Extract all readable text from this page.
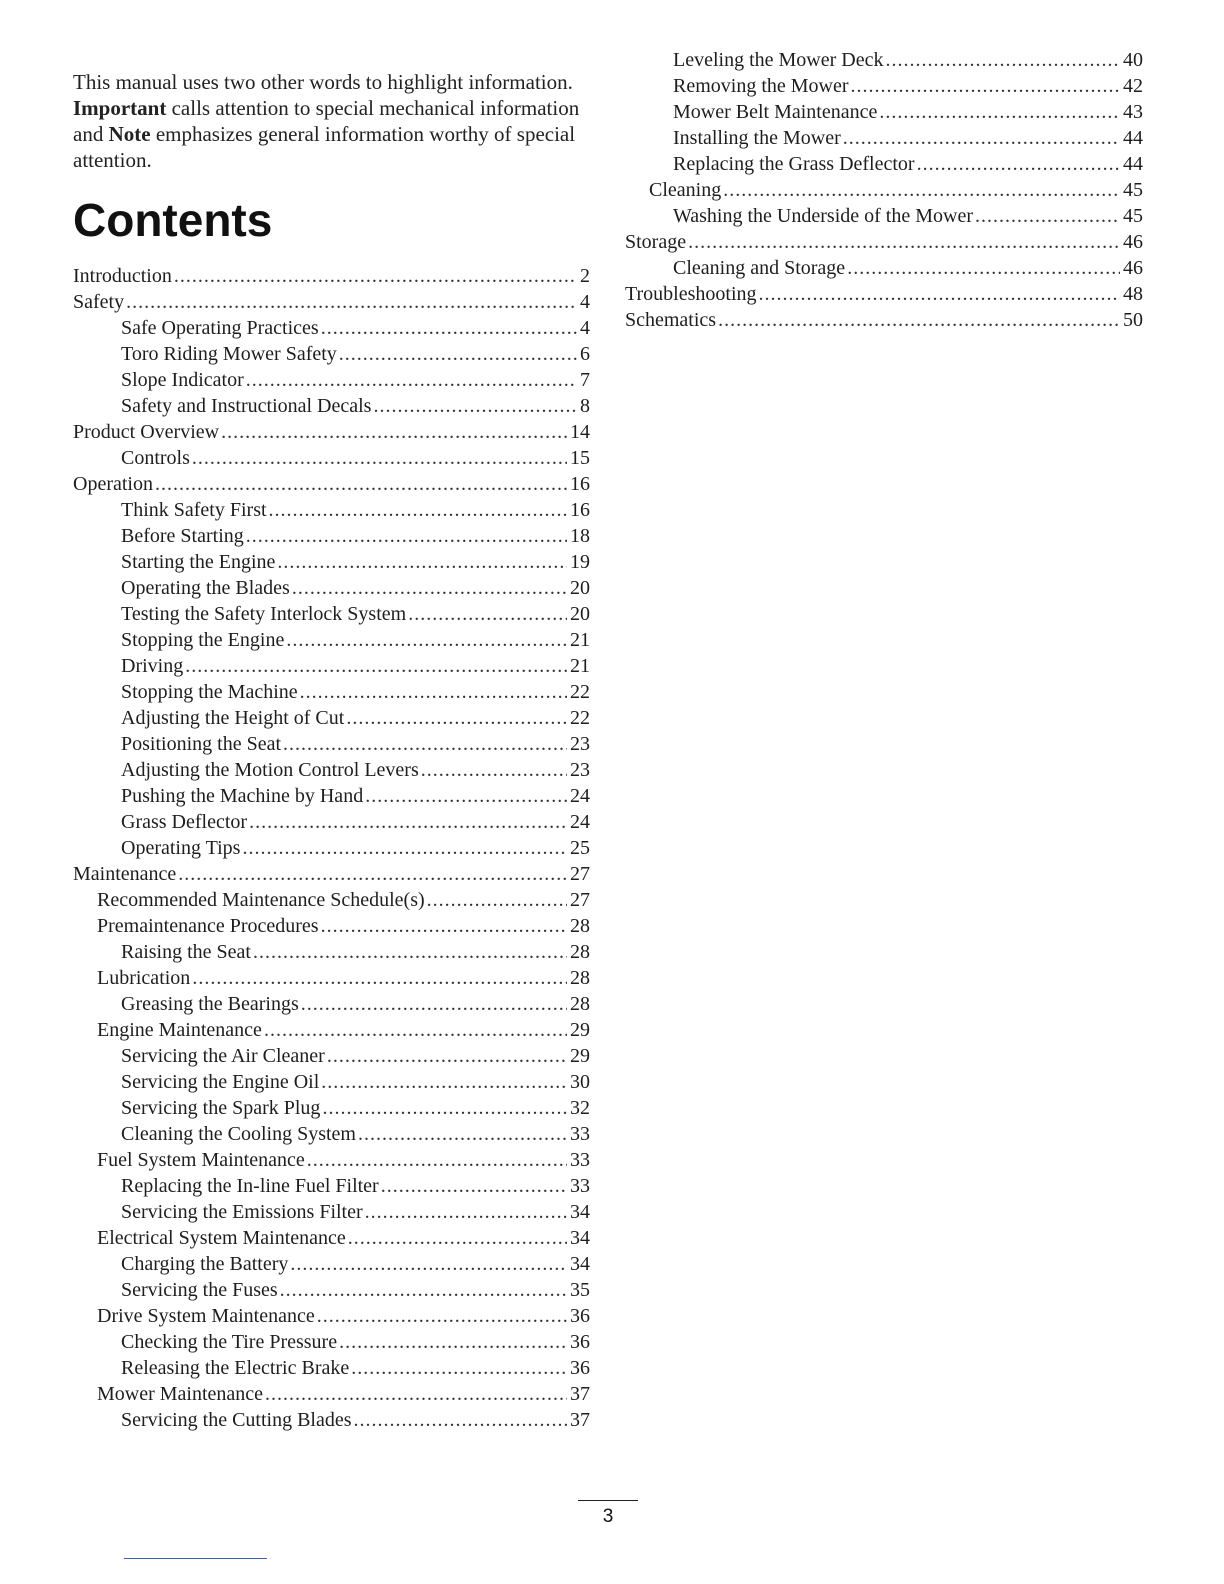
This manual uses two other words to highlight information. Important calls attention to special mechanical information and Note emphasizes general information worthy of special attention.

Contents
Introduction .....	2
Safety .....	4
Safe Operating Practices .....	4
Toro Riding Mower Safety .....	6
Slope Indicator .....	7
Safety and Instructional Decals .....	8
Product Overview .....	14
Controls .....	15
Operation .....	16
Think Safety First .....	16
Before Starting .....	18
Starting the Engine .....	19
Operating the Blades .....	20
Testing the Safety Interlock System .....	20
Stopping the Engine .....	21
Driving .....	21
Stopping the Machine .....	22
Adjusting the Height of Cut .....	22
Positioning the Seat .....	23
Adjusting the Motion Control Levers .....	23
Pushing the Machine by Hand .....	24
Grass Deflector .....	24
Operating Tips .....	25
Maintenance .....	27
Recommended Maintenance Schedule(s) .....	27
Premaintenance Procedures .....	28
Raising the Seat .....	28
Lubrication .....	28
Greasing the Bearings .....	28
Engine Maintenance .....	29
Servicing the Air Cleaner .....	29
Servicing the Engine Oil .....	30
Servicing the Spark Plug .....	32
Cleaning the Cooling System .....	33
Fuel System Maintenance .....	33
Replacing the In-line Fuel Filter .....	33
Servicing the Emissions Filter .....	34
Electrical System Maintenance .....	34
Charging the Battery .....	34
Servicing the Fuses .....	35
Drive System Maintenance .....	36
Checking the Tire Pressure .....	36
Releasing the Electric Brake .....	36
Mower Maintenance .....	37
Servicing the Cutting Blades .....	37
Leveling the Mower Deck .....	40
Removing the Mower .....	42
Mower Belt Maintenance .....	43
Installing the Mower .....	44
Replacing the Grass Deflector .....	44
Cleaning .....	45
Washing the Underside of the Mower .....	45
Storage .....	46
Cleaning and Storage .....	46
Troubleshooting .....	48
Schematics .....	50
3
